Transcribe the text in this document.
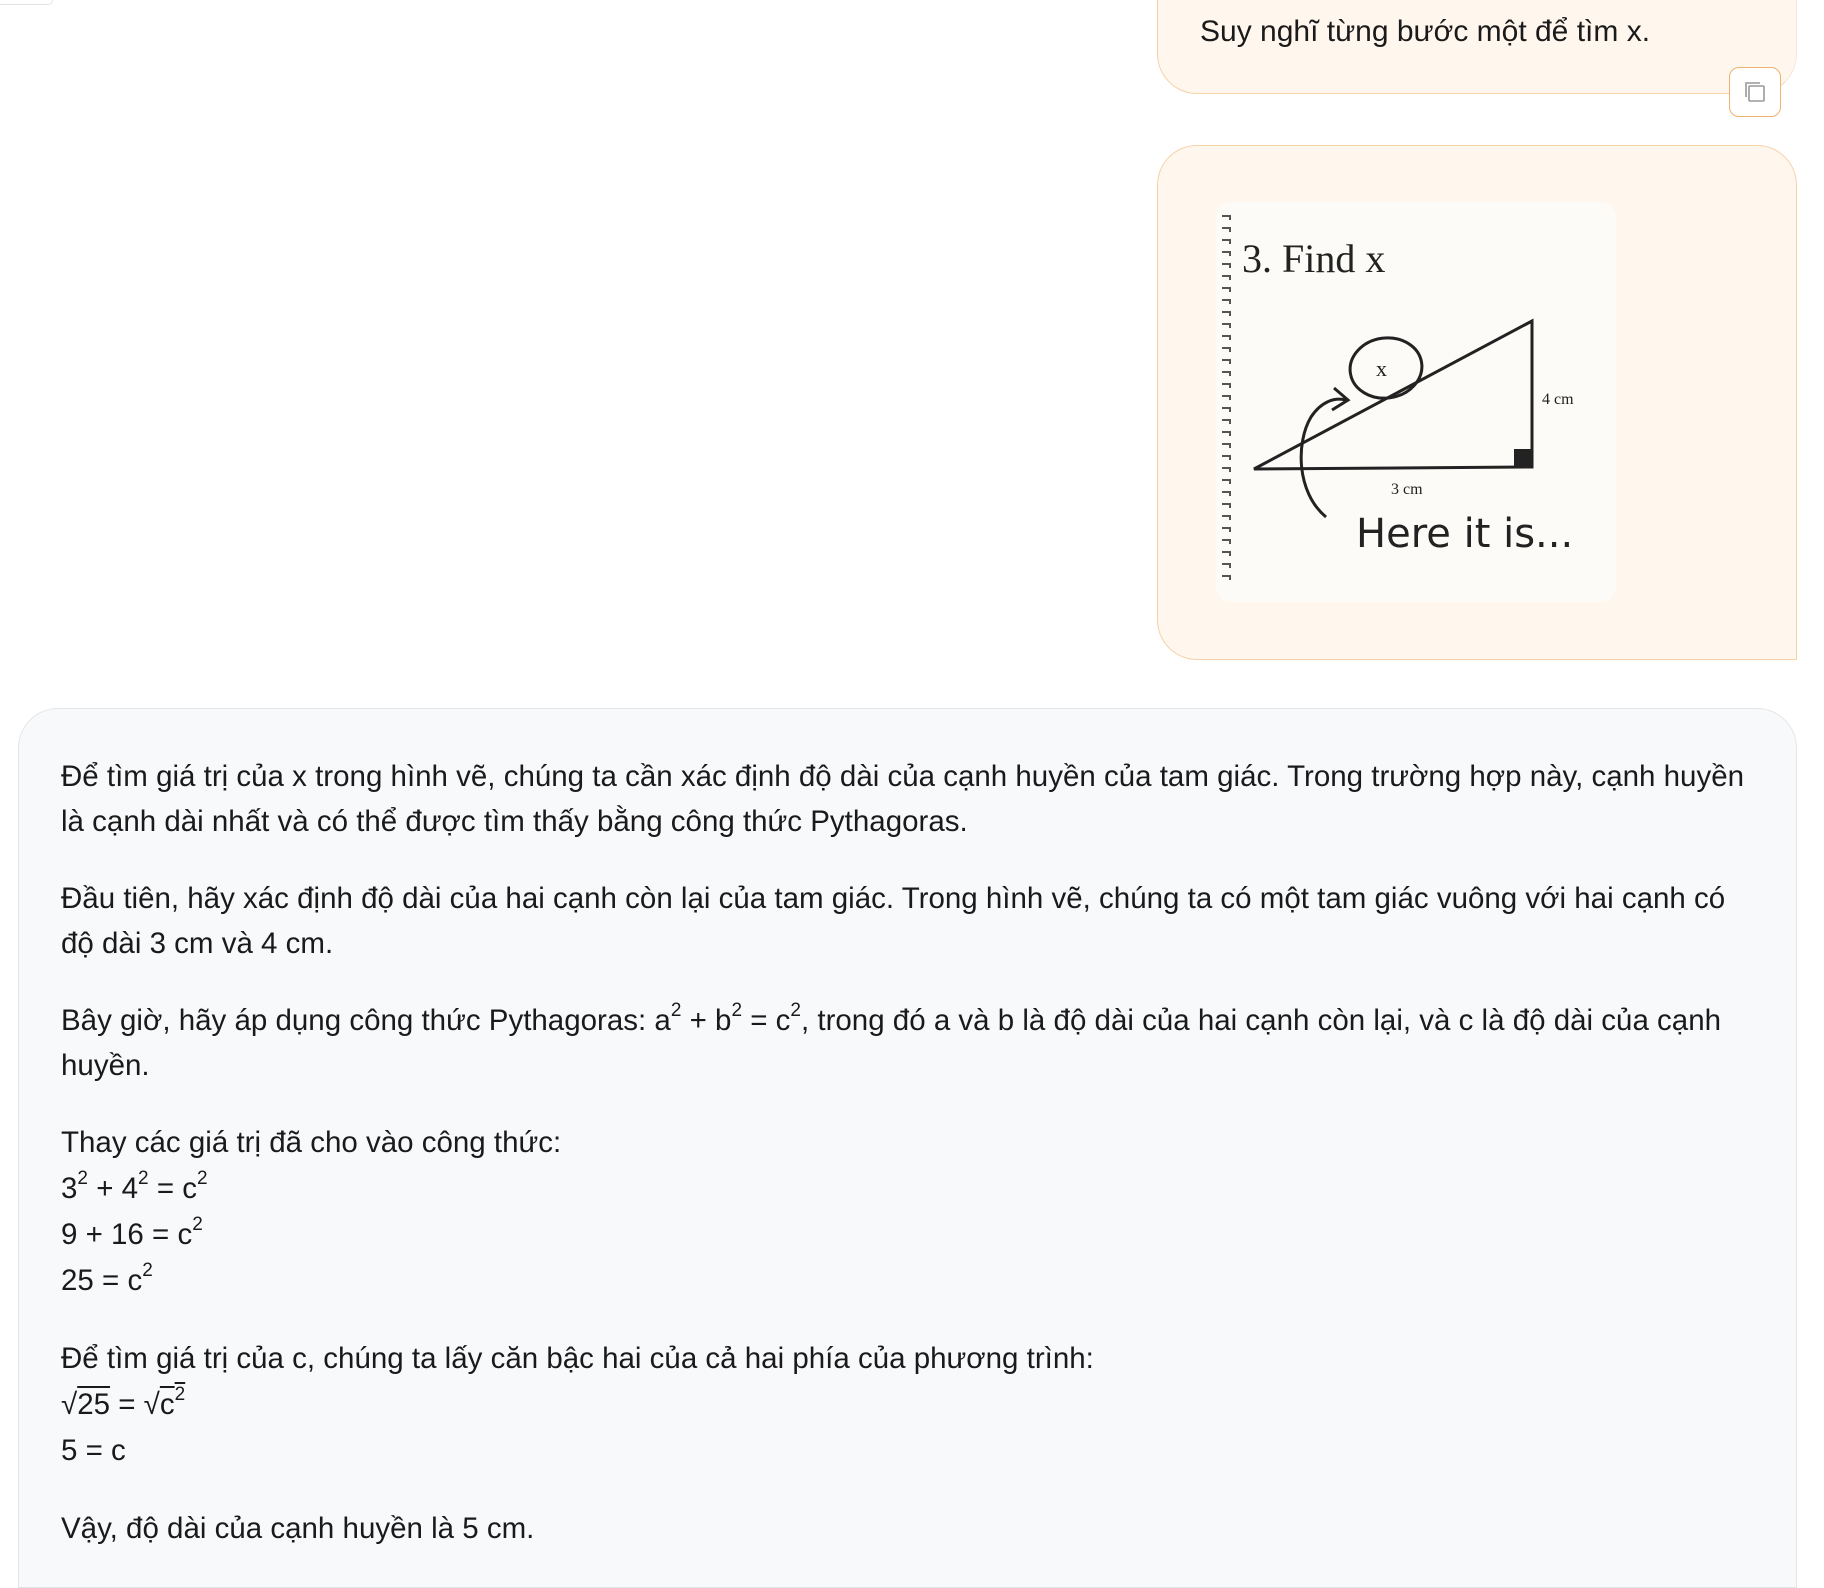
Suy nghĩ từng bước một để tìm x.
3. Find x
x
4 cm
3 cm
Here it is...

Để tìm giá trị của x trong hình vẽ, chúng ta cần xác định độ dài của cạnh huyền của tam giác. Trong trường hợp này, cạnh huyền là cạnh dài nhất và có thể được tìm thấy bằng công thức Pythagoras.

Đầu tiên, hãy xác định độ dài của hai cạnh còn lại của tam giác. Trong hình vẽ, chúng ta có một tam giác vuông với hai cạnh có độ dài 3 cm và 4 cm.

Bây giờ, hãy áp dụng công thức Pythagoras: $a^2 + b^2 = c^2$, trong đó a và b là độ dài của hai cạnh còn lại, và c là độ dài của cạnh huyền.

Thay các giá trị đã cho vào công thức:
$3^2 + 4^2 = c^2$
$9 + 16 = c^2$
$25 = c^2$

Để tìm giá trị của c, chúng ta lấy căn bậc hai của cả hai phía của phương trình:
$√25 = √c^2$
5 = c

Vậy, độ dài của cạnh huyền là 5 cm.
